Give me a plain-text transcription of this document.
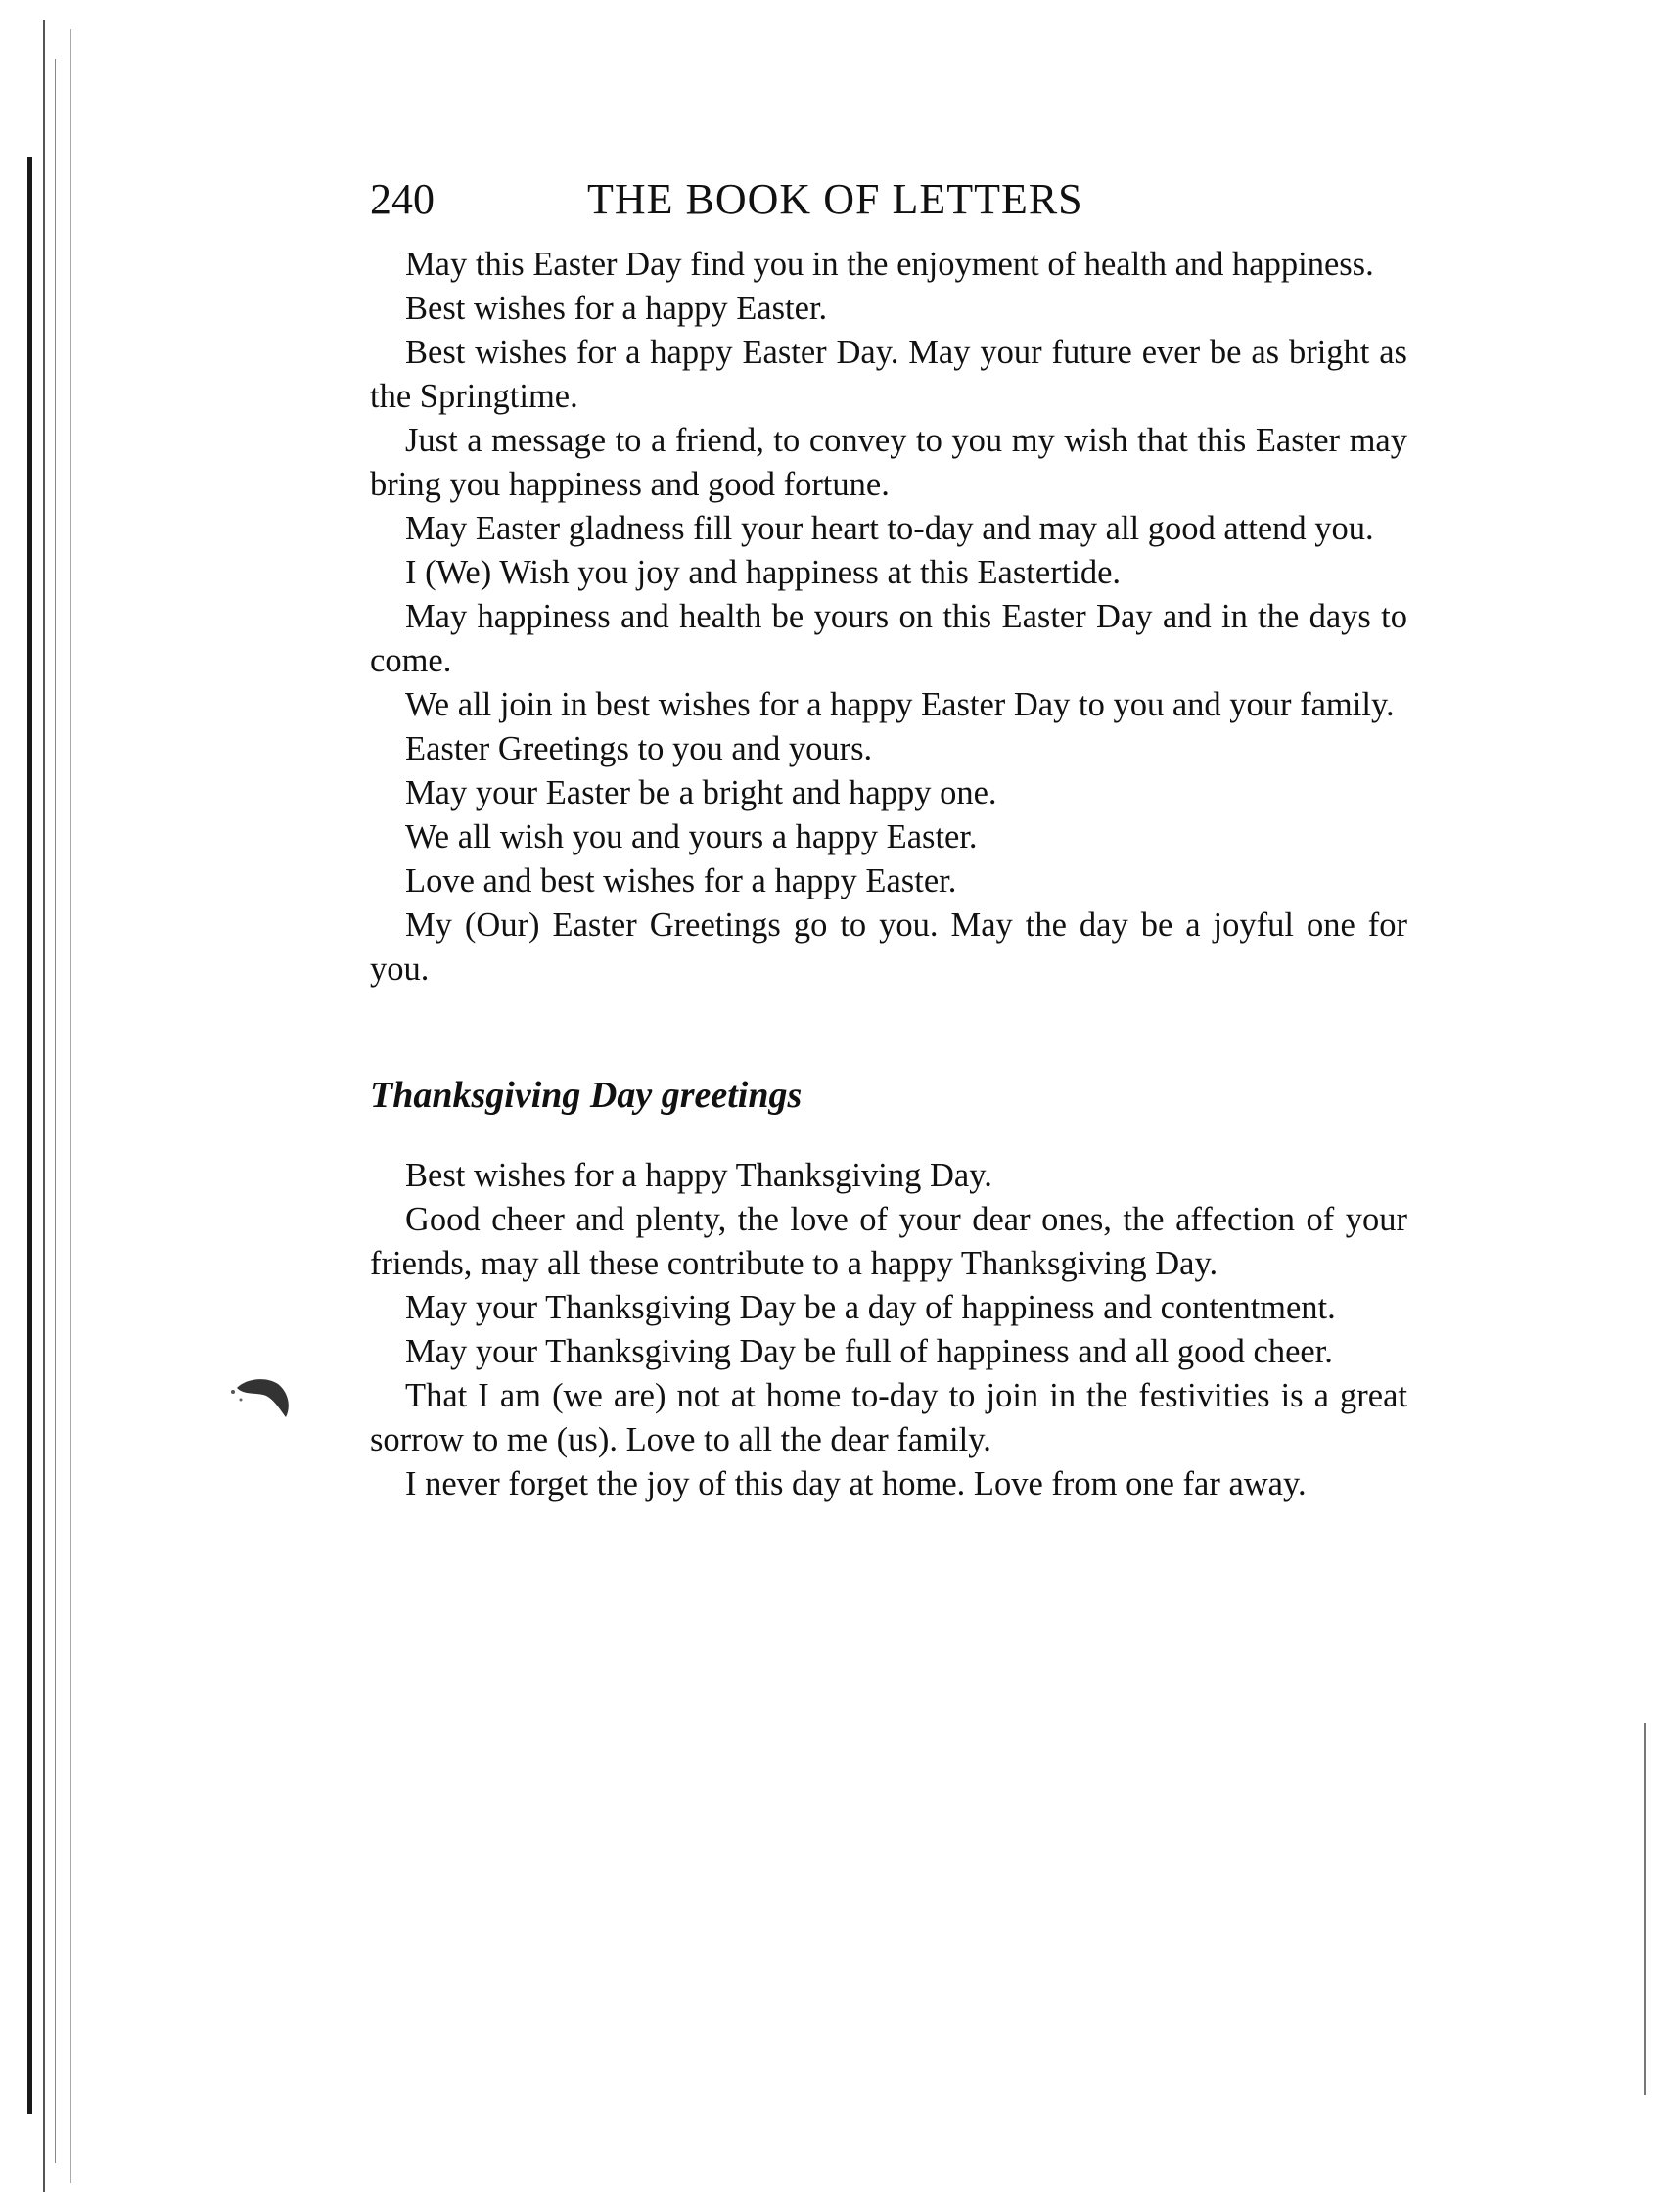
240	THE BOOK OF LETTERS

May this Easter Day find you in the enjoyment of health and happiness.

Best wishes for a happy Easter.

Best wishes for a happy Easter Day. May your future ever be as bright as the Springtime.

Just a message to a friend, to convey to you my wish that this Easter may bring you happiness and good fortune.

May Easter gladness fill your heart to-day and may all good attend you.

I (We) Wish you joy and happiness at this Eastertide.

May happiness and health be yours on this Easter Day and in the days to come.

We all join in best wishes for a happy Easter Day to you and your family.

Easter Greetings to you and yours.

May your Easter be a bright and happy one.

We all wish you and yours a happy Easter.

Love and best wishes for a happy Easter.

My (Our) Easter Greetings go to you. May the day be a joyful one for you.

Thanksgiving Day greetings

Best wishes for a happy Thanksgiving Day.

Good cheer and plenty, the love of your dear ones, the affection of your friends, may all these contribute to a happy Thanksgiving Day.

May your Thanksgiving Day be a day of happiness and contentment.

May your Thanksgiving Day be full of happiness and all good cheer.

That I am (we are) not at home to-day to join in the festivities is a great sorrow to me (us). Love to all the dear family.

I never forget the joy of this day at home. Love from one far away.
